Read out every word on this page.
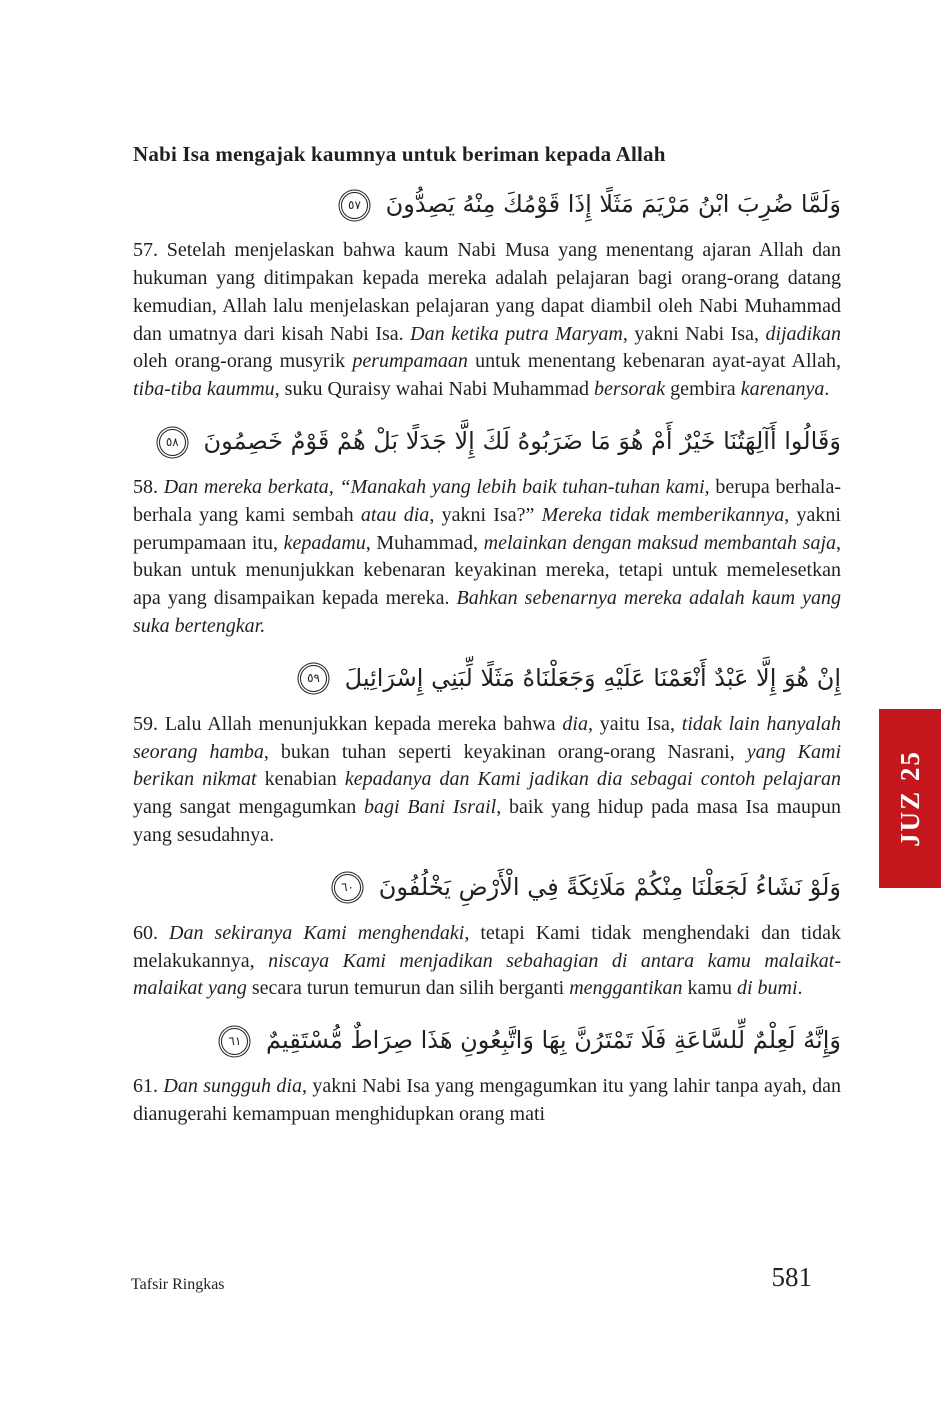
Nabi Isa mengajak kaumnya untuk beriman kepada Allah
وَلَمَّا ضُرِبَ ابْنُ مَرْيَمَ مَثَلًا إِذَا قَوْمُكَ مِنْهُ يَصِدُّونَ ٥٧

57. Setelah menjelaskan bahwa kaum Nabi Musa yang menentang ajaran Allah dan hukuman yang ditimpakan kepada mereka adalah pelajaran bagi orang-orang datang kemudian, Allah lalu menjelaskan pelajaran yang dapat diambil oleh Nabi Muhammad dan umatnya dari kisah Nabi Isa. Dan ketika putra Maryam, yakni Nabi Isa, dijadikan oleh orang-orang musyrik perumpamaan untuk menentang kebenaran ayat-ayat Allah, tiba-tiba kaummu, suku Quraisy wahai Nabi Muhammad bersorak gembira karenanya.

وَقَالُوا أَآلِهَتُنَا خَيْرٌ أَمْ هُوَ مَا ضَرَبُوهُ لَكَ إِلَّا جَدَلًا بَلْ هُمْ قَوْمٌ خَصِمُونَ ٥٨

58. Dan mereka berkata, “Manakah yang lebih baik tuhan-tuhan kami, berupa berhala-berhala yang kami sembah atau dia, yakni Isa?” Mereka tidak memberikannya, yakni perumpamaan itu, kepadamu, Muhammad, melainkan dengan maksud membantah saja, bukan untuk menunjukkan kebenaran keyakinan mereka, tetapi untuk memelesetkan apa yang disampaikan kepada mereka. Bahkan sebenarnya mereka adalah kaum yang suka bertengkar.

إِنْ هُوَ إِلَّا عَبْدٌ أَنْعَمْنَا عَلَيْهِ وَجَعَلْنَاهُ مَثَلًا لِّبَنِي إِسْرَائِيلَ ٥٩

59. Lalu Allah menunjukkan kepada mereka bahwa dia, yaitu Isa, tidak lain hanyalah seorang hamba, bukan tuhan seperti keyakinan orang-orang Nasrani, yang Kami berikan nikmat kenabian kepadanya dan Kami jadikan dia sebagai contoh pelajaran yang sangat mengagumkan bagi Bani Israil, baik yang hidup pada masa Isa maupun yang sesudahnya.

وَلَوْ نَشَاءُ لَجَعَلْنَا مِنْكُمْ مَلَائِكَةً فِي الْأَرْضِ يَخْلُفُونَ ٦٠

60. Dan sekiranya Kami menghendaki, tetapi Kami tidak menghendaki dan tidak melakukannya, niscaya Kami menjadikan sebahagian di antara kamu malaikat-malaikat yang secara turun temurun dan silih berganti menggantikan kamu di bumi.

وَإِنَّهُ لَعِلْمٌ لِّلسَّاعَةِ فَلَا تَمْتَرُنَّ بِهَا وَاتَّبِعُونِ هَذَا صِرَاطٌ مُّسْتَقِيمٌ ٦١

61. Dan sungguh dia, yakni Nabi Isa yang mengagumkan itu yang lahir tanpa ayah, dan dianugerahi kemampuan menghidupkan orang mati

JUZ 25
Tafsir Ringkas	581
